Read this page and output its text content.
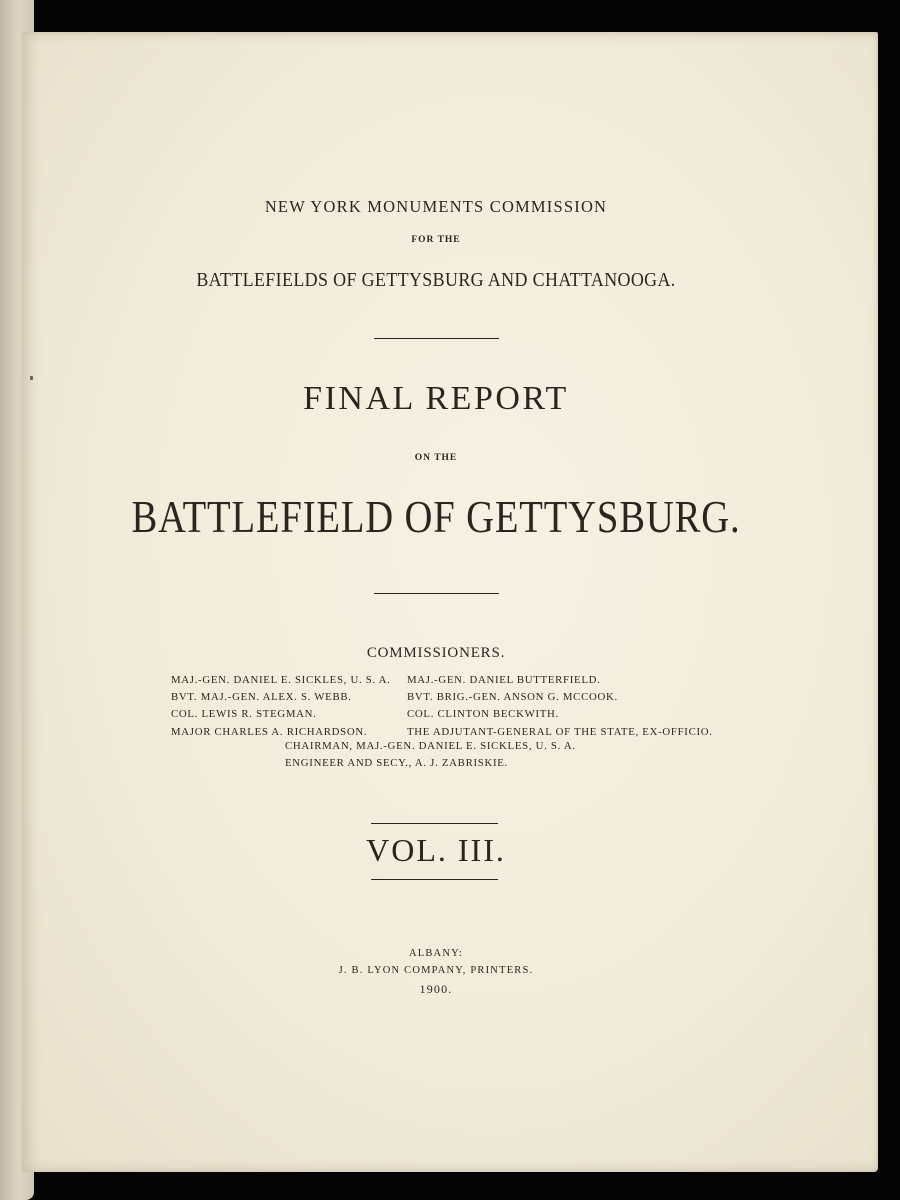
NEW YORK MONUMENTS COMMISSION
FOR THE
BATTLEFIELDS OF GETTYSBURG AND CHATTANOOGA.
FINAL REPORT
ON THE
BATTLEFIELD OF GETTYSBURG.
COMMISSIONERS.
MAJ.-GEN. DANIEL E. SICKLES, U. S. A.
BVT. MAJ.-GEN. ALEX. S. WEBB.
COL. LEWIS R. STEGMAN.
MAJOR CHARLES A. RICHARDSON.
MAJ.-GEN. DANIEL BUTTERFIELD.
BVT. BRIG.-GEN. ANSON G. MCCOOK.
COL. CLINTON BECKWITH.
THE ADJUTANT-GENERAL OF THE STATE, EX-OFFICIO.
CHAIRMAN, MAJ.-GEN. DANIEL E. SICKLES, U. S. A.
ENGINEER AND SECY., A. J. ZABRISKIE.
VOL. III.
ALBANY:
J. B. LYON COMPANY, PRINTERS.
1900.
